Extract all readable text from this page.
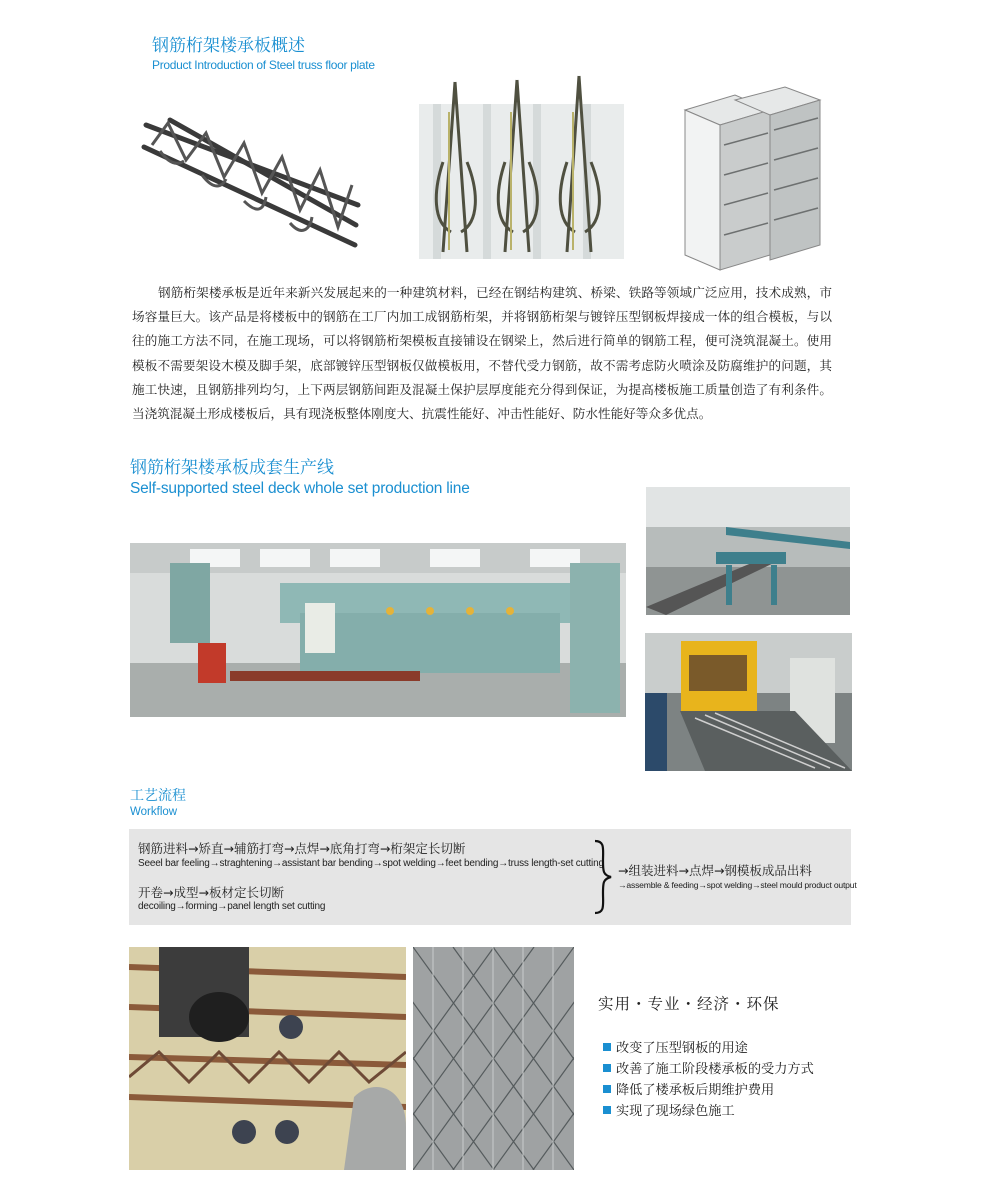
钢筋桁架楼承板概述
Product Introduction of Steel truss floor plate

钢筋桁架楼承板是近年来新兴发展起来的一种建筑材料，已经在钢结构建筑、桥梁、铁路等领域广泛应用，技术成熟，市场容量巨大。该产品是将楼板中的钢筋在工厂内加工成钢筋桁架，并将钢筋桁架与镀锌压型钢板焊接成一体的组合模板，与以往的施工方法不同，在施工现场，可以将钢筋桁架模板直接铺设在钢梁上，然后进行简单的钢筋工程，便可浇筑混凝土。使用模板不需要架设木模及脚手架，底部镀锌压型钢板仅做模板用，不替代受力钢筋，故不需考虑防火喷涂及防腐维护的问题，其施工快速，且钢筋排列均匀，上下两层钢筋间距及混凝土保护层厚度能充分得到保证，为提高楼板施工质量创造了有利条件。当浇筑混凝土形成楼板后，具有现浇板整体刚度大、抗震性能好、冲击性能好、防水性能好等众多优点。

钢筋桁架楼承板成套生产线
Self-supported steel deck whole set production line
工艺流程
Workflow
钢筋进料→矫直→辅筋打弯→点焊→底角打弯→桁架定长切断
Seeel bar feeling→straghtening→assistant bar bending→spot welding→feet bending→truss length-set cutting
开卷→成型→板材定长切断
decoiling→forming→panel length set cutting
→组装进料→点焊→钢模板成品出料
→assemble & feeding→spot welding→steel mould product output
实用・专业・经济・环保
改变了压型钢板的用途
改善了施工阶段楼承板的受力方式
降低了楼承板后期维护费用
实现了现场绿色施工
